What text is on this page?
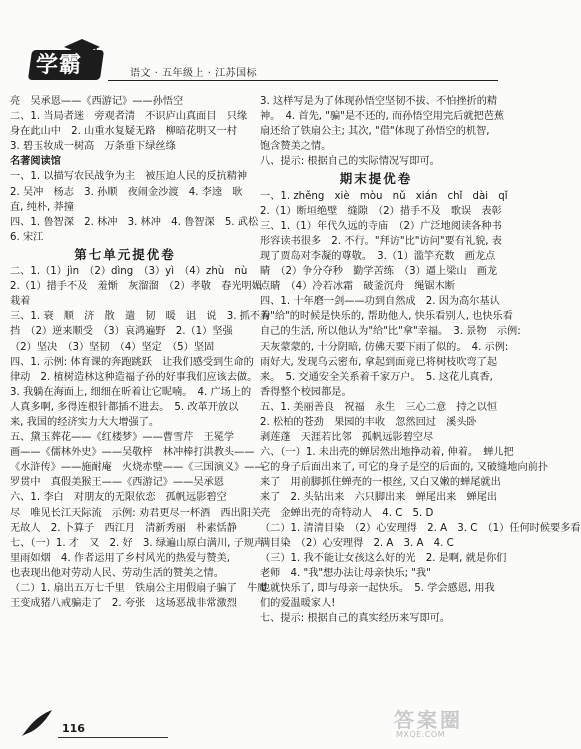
学霸	语文 · 五年级上 · 江苏国标

亮　吴承恩——《西游记》——孙悟空

二、1. 当局者迷　旁观者清　不识庐山真面目　只缘

身在此山中　2. 山重水复疑无路　柳暗花明又一村

3. 碧玉妆成一树高　万条垂下绿丝绦

名著阅读馆

一、1. 以描写农民战争为主　被压迫人民的反抗精神

2. 吴冲　杨志　3. 孙顺　夜闹金沙渡　4. 李逵　耿

直, 纯朴, 莽撞

四、1. 鲁智深　2. 林冲　3. 林冲　4. 鲁智深　5. 武松

6. 宋江

第七单元提优卷

二、1.（1）jìn　（2）dìng　（3）yì　（4）zhù　nù

2.（1）措手不及　羞惭　灰溜溜　（2）孝敬　春光明媚

栽着

三、1. 衰　顺　济　散　遣　韧　暖　诅　说　3. 抓不着

挡　（2）逆来顺受　（3）哀鸿遍野　2.（1）坚强

（2）坚决　（3）坚韧　（4）坚定　（5）坚固

四、1. 示例: 体育课的奔跑跳跃　让我们感受到生命的

律动　2. 植树造林这种造福子孙的好事我们应该去做。

3. 我躺在海面上, 细细在昕着让它昵喃。　4. 广场上的

人真多啊, 多得连根针都插不进去。　5. 改革开放以

来, 我国的经济实力大大增强了。

五、黛玉葬花——《红楼梦》——曹雪芹　王冕学

画——《儒林外史》——吴敬梓　林冲棒打洪教头——

《水浒传》——施耐庵　火烧赤壁——《三国演义》——

罗贯中　真假美猴王——《西游记》——吴承恩

六、1. 李白　对朋友的无限依恋　孤帆远影碧空

尽　唯见长江天际流　示例: 劝君更尽一杯酒　西出阳关

无故人　2. 卜算子　西江月　清新秀丽　朴素恬静

七、（一）1. 才　又　2. 好　3. 绿遍山原白满川, 子规声

里雨如烟　4. 作者运用了乡村风光的热爱与赞美,

也表现出他对劳动人民、劳动生活的赞美之情。

（二）1. 扇出五万七千里　铁扇公主用假扇子骗了　牛魔

王变成猪八戒骗走了　2. 夸张　这场恶战非常激烈

3. 这样写是为了体现孙悟空坚韧不拔、不怕挫折的精

神。　4. 首先, "骗"是不还的, 而孙悟空用完后就把芭蕉

扇还给了铁扇公主; 其次, "借"体现了孙悟空的机智,

饱含赞美之情。

八、提示: 根据自己的实际情况写即可。

期末提优卷

一、1. zhěng　xiè　mòu　nǔ　xián　chǐ　dài　qǐ

2.（1）断垣绝壁　缝隙　（2）措手不及　歌误　表彰

三、1.（1）年代久远的寺庙　（2）广泛地阅读各种书

形容读书很多　2. 不行。"拜访"比"访问"要有礼貌, 表

现了贾岛对李凝的尊敬。　3.（1）滥竽充数　画龙点

睛　（2）争分夺秒　勤学苦练　（3）逼上梁山　画龙

点睛　（4）冷若冰霜　破釜沉舟　绳锯木断

四、1. 十年磨一剑——功到自然成　2. 因为高尔基认

为"给"的时候是快乐的, 帮助他人, 快乐看别人, 也快乐看

自己的生活, 所以他认为"给"比"拿"幸福。　3. 景物　示例:

天灰蒙蒙的, 十分阴暗, 仿佛天要下雨了似的。　4. 示例:

雨好大, 发现乌云密布, 拿起到面竟已将树枝吹弯了起

来。　5. 交通安全关系着千家万户。　5. 这花儿真香,

香得整个校园都是。

五、1. 美丽善良　祝福　永生　三心二意　持之以恒

2. 松柏的苍劲　果园的丰收　忽然回过　溪头卧

剥莲蓬　天涯若比邻　孤帆远影碧空尽

六、（一）1. 未出壳的蝉居然出地挣动着, 伸着。　蝉儿把

它的身子后面出来了, 可它的身子是空的后面的, 又破缝地向前扑

来了　用前脚抓住蝉壳的一根丝, 又白又嫩的蝉尾就出

来了　2. 头钻出来　六只脚出来　蝉尾出来　蝉尾出

壳　金蝉出壳的奇特动人　4. C　5. D

（二）1. 清清目染　（2）心安理得　2. A　3. C　（1）任何时候要多看

满目染　（2）心安理得　2. A　3. A　4. C

（三）1. 我不能让女孩这么好的光　2. 是啊, 就是你们

老师　4. "我"想办法让母亲快乐; "我"

也就快乐了, 即与母亲一起快乐。　5. 学会感恩, 用我

们的爱温暖家人!

七、提示: 根据自己的真实经历来写即可。

116	答案圈
MXQE.COM
